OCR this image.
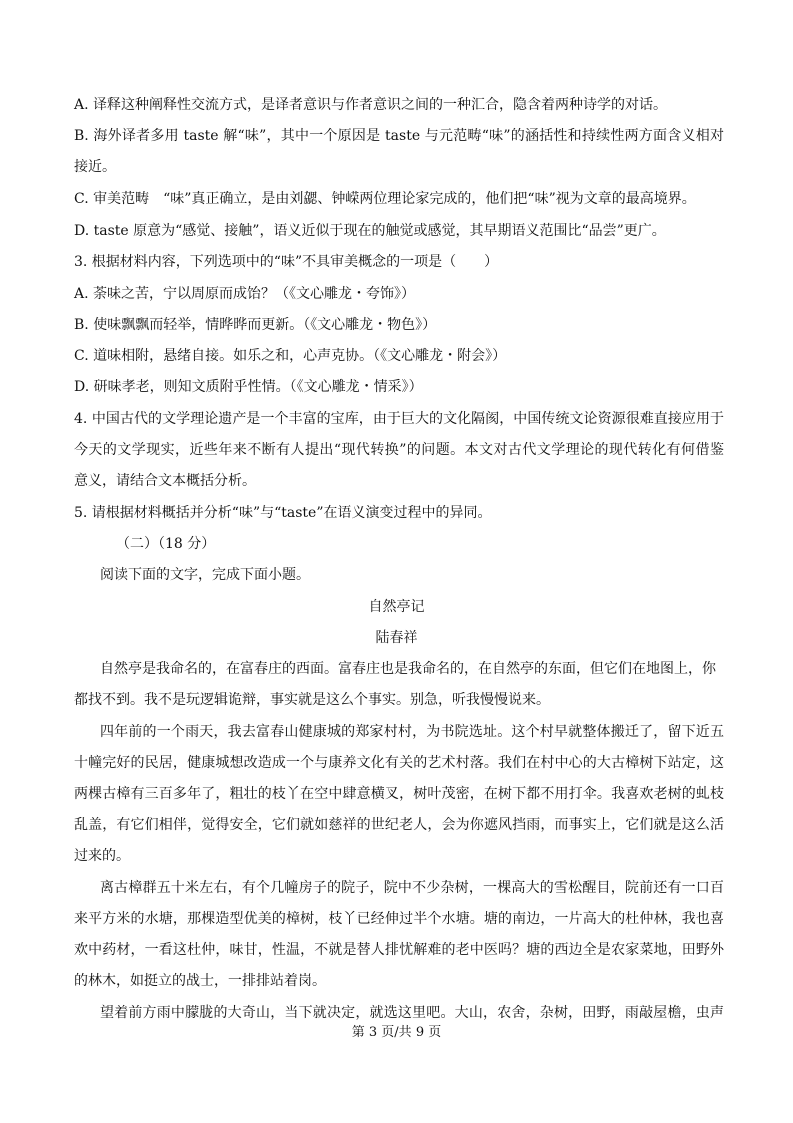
A. 译释这种阐释性交流方式，是译者意识与作者意识之间的一种汇合，隐含着两种诗学的对话。
B. 海外译者多用 taste 解“味”，其中一个原因是 taste 与元范畴“味”的涵括性和持续性两方面含义相对
接近。
C. 审美范畴　“味”真正确立，是由刘勰、钟嵘两位理论家完成的，他们把“味”视为文章的最高境界。
D. taste 原意为“感觉、接触”，语义近似于现在的触觉或感觉，其早期语义范围比“品尝”更广。
3. 根据材料内容，下列选项中的“味”不具审美概念的一项是（　　）
A. 荼味之苦，宁以周原而成饴？（《文心雕龙・夸饰》）
B. 使味飘飘而轻举，情晔晔而更新。（《文心雕龙・物色》）
C. 道味相附，悬绪自接。如乐之和，心声克协。（《文心雕龙・附会》）
D. 研味孝老，则知文质附乎性情。（《文心雕龙・情采》）
4. 中国古代的文学理论遗产是一个丰富的宝库，由于巨大的文化隔阂，中国传统文论资源很难直接应用于
今天的文学现实，近些年来不断有人提出“现代转换”的问题。本文对古代文学理论的现代转化有何借鉴
意义，请结合文本概括分析。
5. 请根据材料概括并分析“味”与“taste”在语义演变过程中的异同。
（二）（18 分）
阅读下面的文字，完成下面小题。
自然亭记
陆春祥
自然亭是我命名的，在富春庄的西面。富春庄也是我命名的，在自然亭的东面，但它们在地图上，你
都找不到。我不是玩逻辑诡辩，事实就是这么个事实。别急，听我慢慢说来。
四年前的一个雨天，我去富春山健康城的郑家村村，为书院选址。这个村早就整体搬迁了，留下近五
十幢完好的民居，健康城想改造成一个与康养文化有关的艺术村落。我们在村中心的大古樟树下站定，这
两棵古樟有三百多年了，粗壮的枝丫在空中肆意横叉，树叶茂密，在树下都不用打伞。我喜欢老树的虬枝
乱盖，有它们相伴，觉得安全，它们就如慈祥的世纪老人，会为你遮风挡雨，而事实上，它们就是这么活
过来的。
离古樟群五十米左右，有个几幢房子的院子，院中不少杂树，一棵高大的雪松醒目，院前还有一口百
来平方米的水塘，那棵造型优美的樟树，枝丫已经伸过半个水塘。塘的南边，一片高大的杜仲林，我也喜
欢中药材，一看这杜仲，味甘，性温，不就是替人排忧解难的老中医吗？塘的西边全是农家菜地，田野外
的林木，如挺立的战士，一排排站着岗。
望着前方雨中朦胧的大奇山，当下就决定，就选这里吧。大山，农舍，杂树，田野，雨敲屋檐，虫声
第 3 页/共 9 页
